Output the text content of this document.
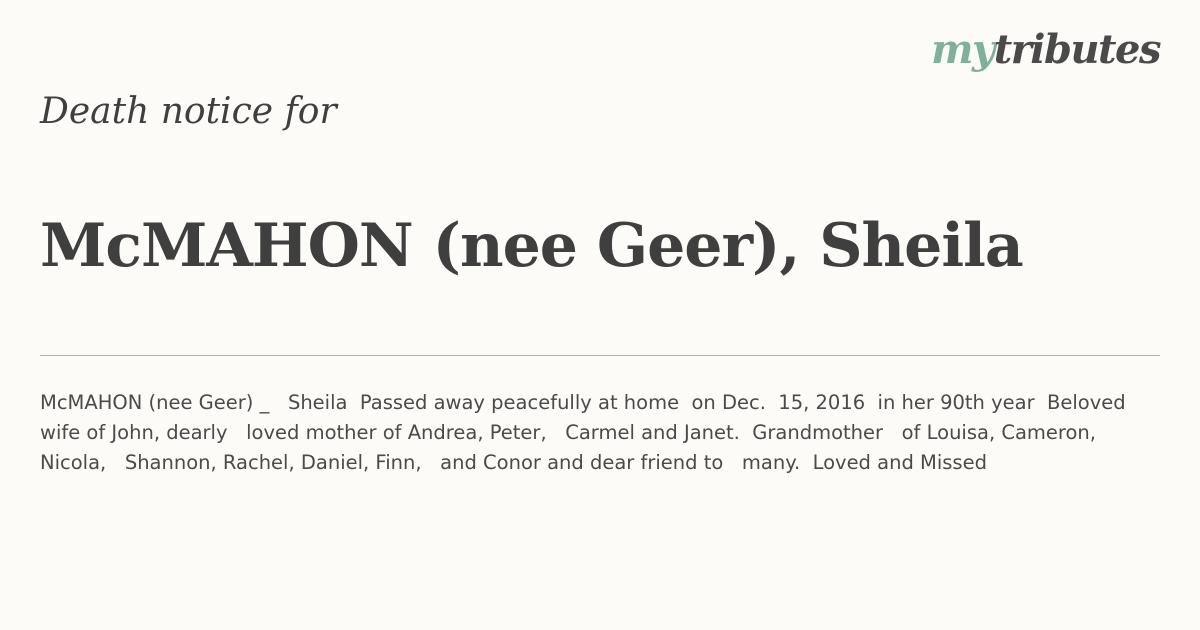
mytributes
Death notice for
McMAHON (nee Geer), Sheila
McMAHON (nee Geer) _   Sheila  Passed away peacefully at home  on Dec.  15, 2016  in her 90th year  Beloved wife of John, dearly   loved mother of Andrea, Peter,   Carmel and Janet.  Grandmother   of Louisa, Cameron, Nicola,   Shannon, Rachel, Daniel, Finn,   and Conor and dear friend to   many.  Loved and Missed
